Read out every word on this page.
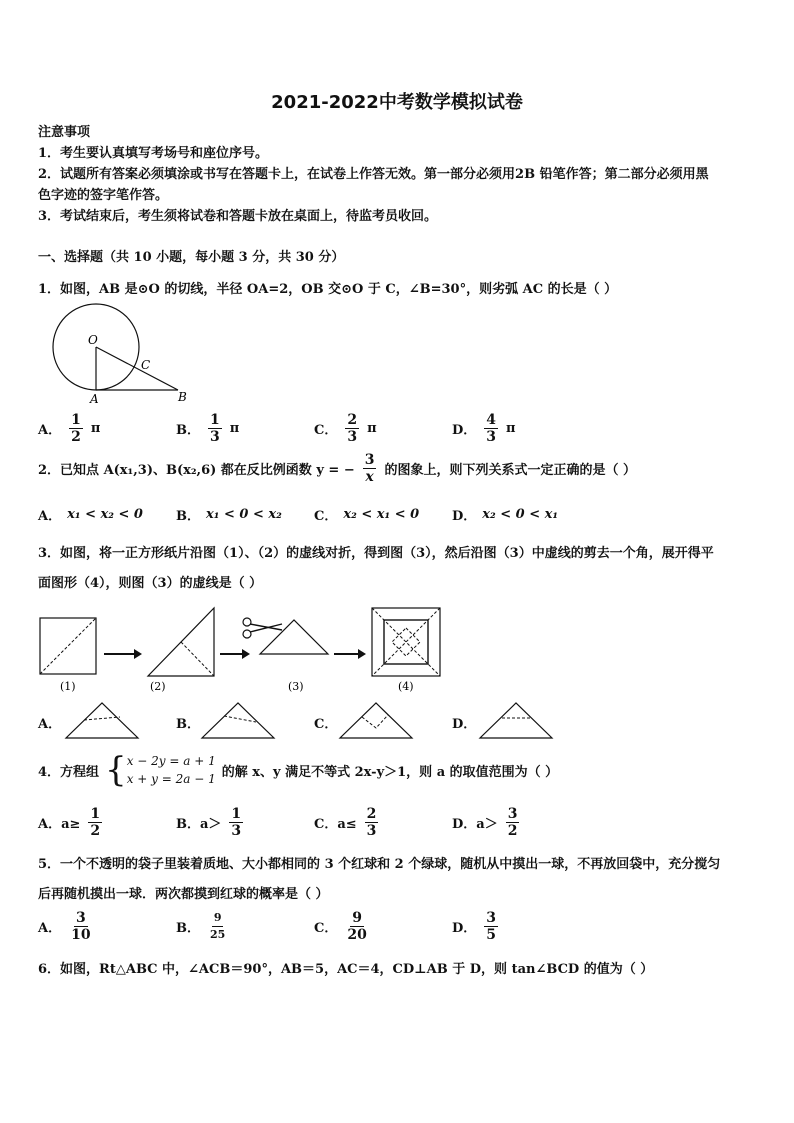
2021-2022中考数学模拟试卷
注意事项
1．考生要认真填写考场号和座位序号。
2．试题所有答案必须填涂或书写在答题卡上，在试卷上作答无效。第一部分必须用2B 铅笔作答；第二部分必须用黑
色字迹的签字笔作答。
3．考试结束后，考生须将试卷和答题卡放在桌面上，待监考员收回。
一、选择题（共 10 小题，每小题 3 分，共 30 分）
1．如图，AB 是⊙O 的切线，半径 OA=2，OB 交⊙O 于 C，∠B=30°，则劣弧 AC 的长是（ ）
O
A	B
C
A． $\frac{1}{2}$ π	B． $\frac{1}{3}$ π	C． $\frac{2}{3}$ π	D． $\frac{4}{3}$ π
2．已知点 A(x₁,3)、B(x₂,6) 都在反比例函数 y = − $\frac{3}{x}$ 的图象上，则下列关系式一定正确的是（ ）
A． x₁ < x₂ < 0	B． x₁ < 0 < x₂ C． x₂ < x₁ < 0	D． x₂ < 0 < x₁
3．如图，将一正方形纸片沿图（1）、（2）的虚线对折，得到图（3），然后沿图（3）中虚线的剪去一个角，展开得平
面图形（4），则图（3）的虚线是（ ）
(1)	(2)	(3)	(4)
A．	B．	C．	D．
4．方程组 { x − 2y = a + 1
x + y = 2a − 1 的解 x、y 满足不等式 2x-y＞1，则 a 的取值范围为（ ）
A．$a\ge \frac{1}{2}$	B．$a> \frac{1}{3}$	C．$a\le \frac{2}{3}$	D．$a> \frac{3}{2}$
5．一个不透明的袋子里装着质地、大小都相同的 3 个红球和 2 个绿球，随机从中摸出一球，不再放回袋中，充分搅匀
后再随机摸出一球．两次都摸到红球的概率是（ ）
A． $\frac{3}{10}$	B． $\frac{9}{25}$	C． $\frac{9}{20}$	D． $\frac{3}{5}$
6．如图，Rt△ABC 中，∠ACB＝90°，AB＝5，AC＝4，CD⊥AB 于 D，则 tan∠BCD 的值为（ ）
